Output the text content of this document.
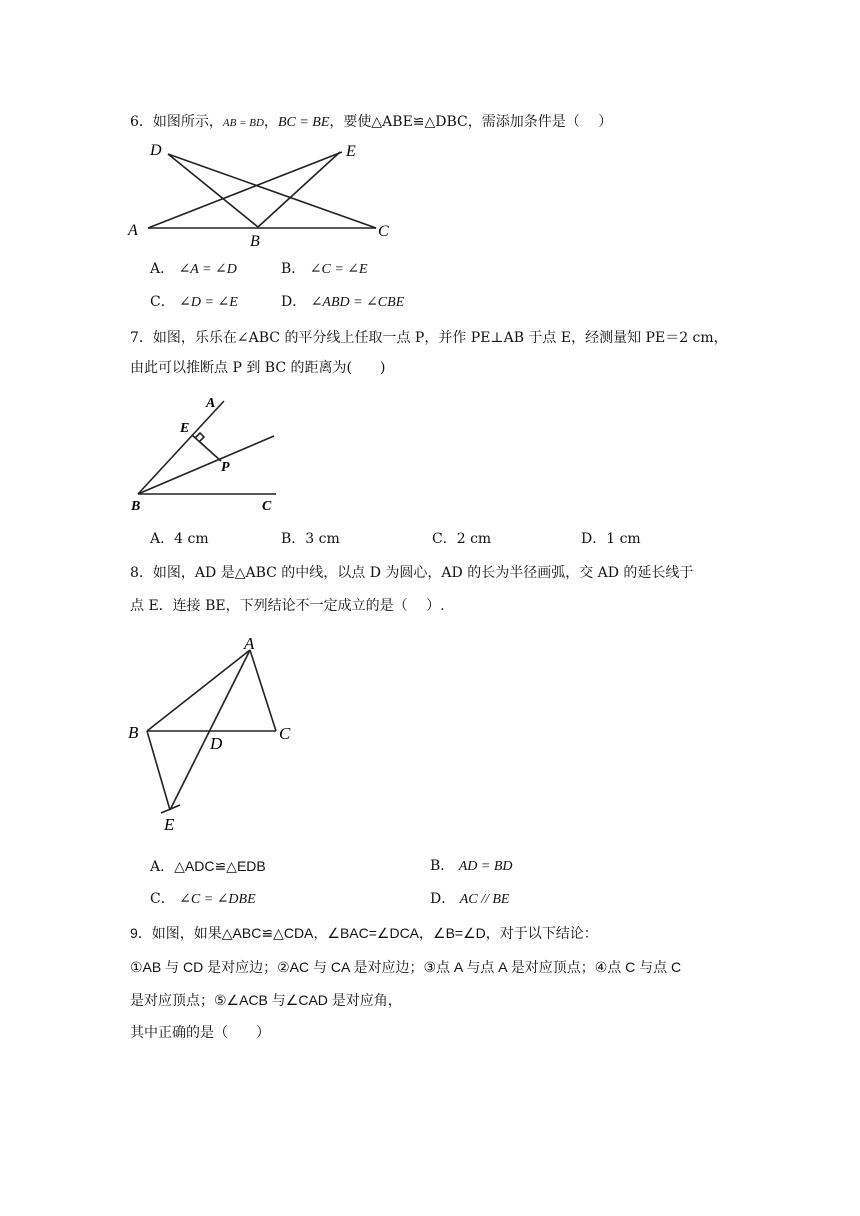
6．如图所示，AB = BD，BC = BE，要使△ABE≌△DBC，需添加条件是（　 ）
D	E
A
B
C
A． ∠A = ∠D	B． ∠C = ∠E
C． ∠D = ∠E	D． ∠ABD = ∠CBE
7．如图，乐乐在∠ABC 的平分线上任取一点 P，并作 PE⊥AB 于点 E，经测量知 PE＝2 cm，
由此可以推断点 P 到 BC 的距离为(　　)
A
E
P
B	C
A．4 cm	B．3 cm	C．2 cm	D．1 cm
8．如图，AD 是△ABC 的中线，以点 D 为圆心，AD 的长为半径画弧，交 AD 的延长线于
点 E．连接 BE，下列结论不一定成立的是（　 ）.
A
B
D
C
E
A．△ADC≌△EDB	B． AD = BD
C． ∠C = ∠DBE	D． AC // BE
9．如图，如果△ABC≌△CDA，∠BAC=∠DCA，∠B=∠D，对于以下结论：
①AB 与 CD 是对应边；②AC 与 CA 是对应边；③点 A 与点 A 是对应顶点；④点 C 与点 C
是对应顶点；⑤∠ACB 与∠CAD 是对应角，
其中正确的是（　　）
